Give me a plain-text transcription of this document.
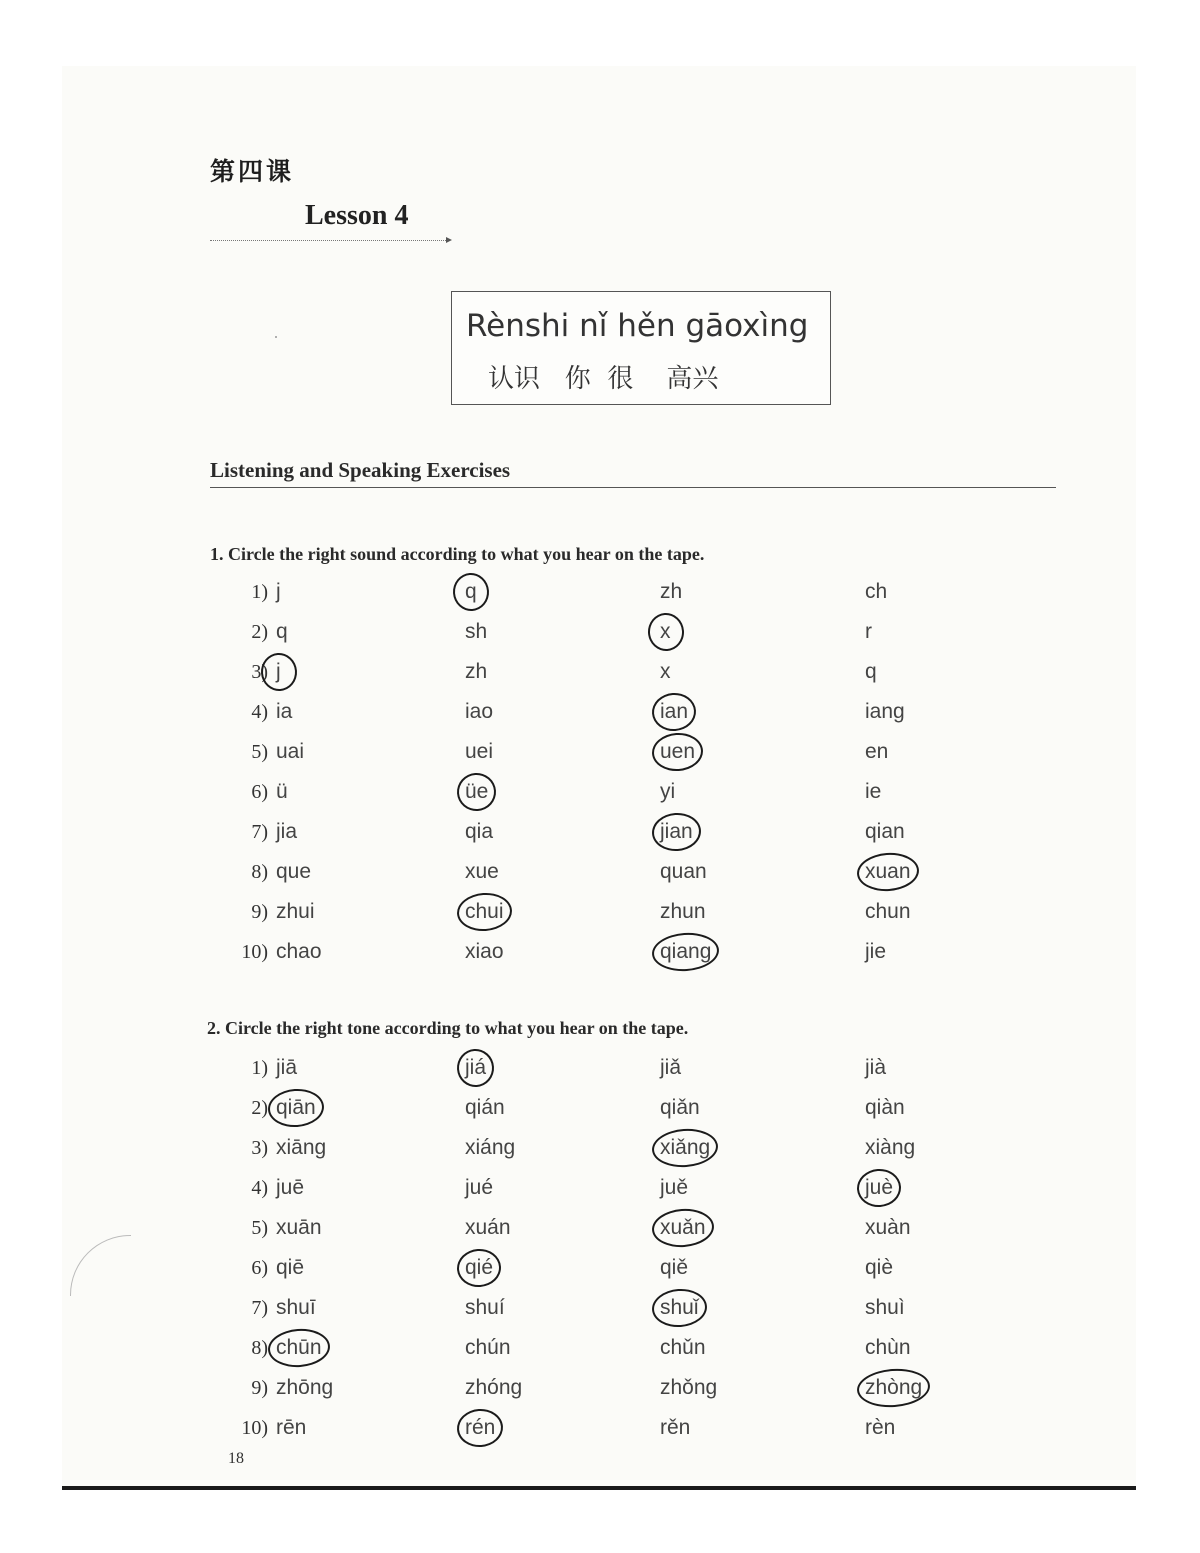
第四课
Lesson 4
Rènshi nǐ hěn gāoxìng
认识   你  很    高兴
Listening and Speaking Exercises
1. Circle the right sound according to what you hear on the tape.
1) j	q	zh	ch
2) q	sh	x	r
3) j	zh	x	q
4) ia	iao	ian	iang
5) uai	uei	uen	en
6) ü	üe	yi	ie
7) jia	qia	jian	qian
8) que	xue	quan	xuan
9) zhui	chui	zhun	chun
10) chao	xiao	qiang	jie
2. Circle the right tone according to what you hear on the tape.
1) jiā	jiá	jiǎ	jià
2) qiān	qián	qiǎn	qiàn
3) xiāng	xiáng	xiǎng	xiàng
4) juē	jué	juě	juè
5) xuān	xuán	xuǎn	xuàn
6) qiē	qié	qiě	qiè
7) shuī	shuí	shuǐ	shuì
8) chūn	chún	chǔn	chùn
9) zhōng	zhóng	zhǒng	zhòng
10) rēn	rén	rěn	rèn
18
